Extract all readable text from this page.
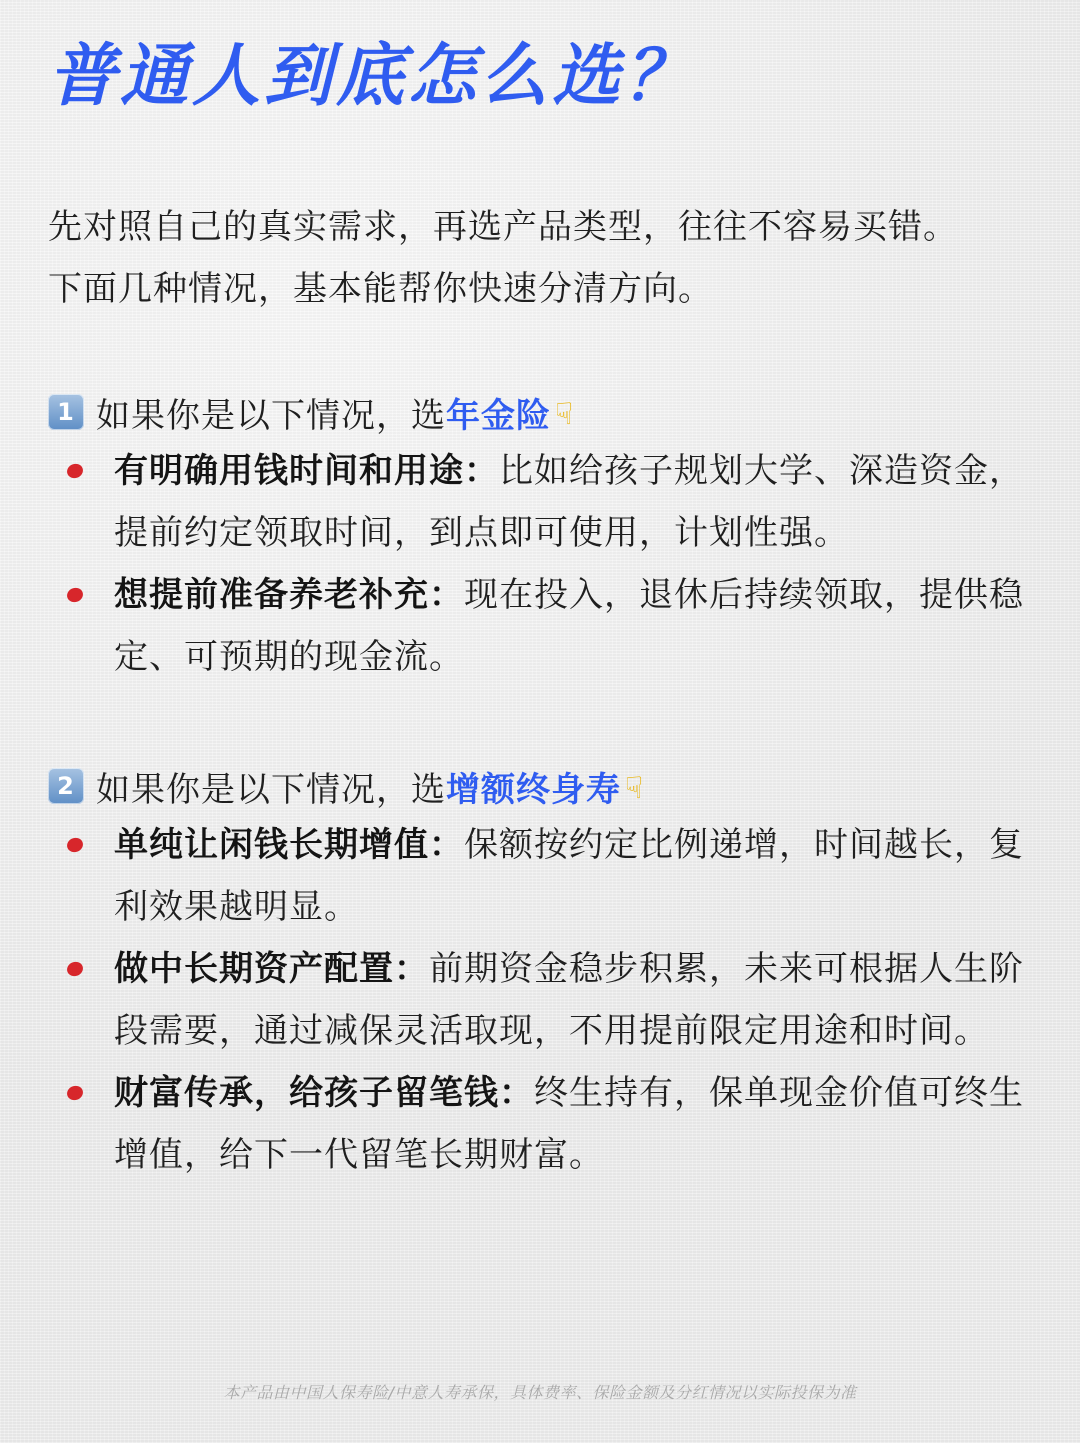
普通人到底怎么选？
先对照自己的真实需求，再选产品类型，往往不容易买错。
下面几种情况，基本能帮你快速分清方向。
1 如果你是以下情况，选 年金险 ☟
有明确用钱时间和用途：比如给孩子规划大学、深造资金，提前约定领取时间，到点即可使用，计划性强。
想提前准备养老补充：现在投入，退休后持续领取，提供稳定、可预期的现金流。
2 如果你是以下情况，选 增额终身寿 ☟
单纯让闲钱长期增值：保额按约定比例递增，时间越长，复利效果越明显。
做中长期资产配置：前期资金稳步积累，未来可根据人生阶段需要，通过减保灵活取现，不用提前限定用途和时间。
财富传承，给孩子留笔钱：终生持有，保单现金价值可终生增值，给下一代留笔长期财富。
本产品由中国人保寿险/中意人寿承保，具体费率、保险金额及分红情况以实际投保为准
